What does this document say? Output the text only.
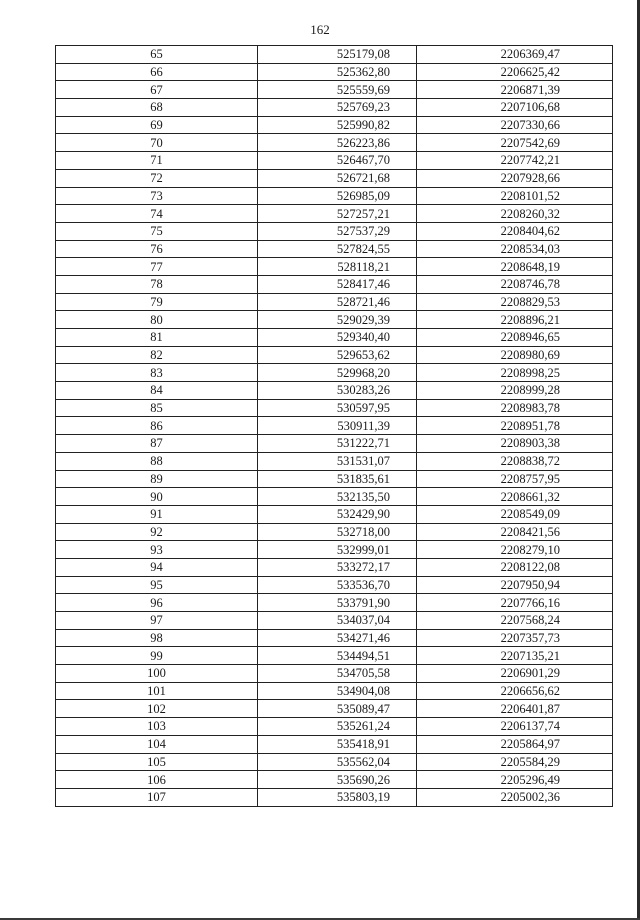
162
65	525179,08	2206369,47
66	525362,80	2206625,42
67	525559,69	2206871,39
68	525769,23	2207106,68
69	525990,82	2207330,66
70	526223,86	2207542,69
71	526467,70	2207742,21
72	526721,68	2207928,66
73	526985,09	2208101,52
74	527257,21	2208260,32
75	527537,29	2208404,62
76	527824,55	2208534,03
77	528118,21	2208648,19
78	528417,46	2208746,78
79	528721,46	2208829,53
80	529029,39	2208896,21
81	529340,40	2208946,65
82	529653,62	2208980,69
83	529968,20	2208998,25
84	530283,26	2208999,28
85	530597,95	2208983,78
86	530911,39	2208951,78
87	531222,71	2208903,38
88	531531,07	2208838,72
89	531835,61	2208757,95
90	532135,50	2208661,32
91	532429,90	2208549,09
92	532718,00	2208421,56
93	532999,01	2208279,10
94	533272,17	2208122,08
95	533536,70	2207950,94
96	533791,90	2207766,16
97	534037,04	2207568,24
98	534271,46	2207357,73
99	534494,51	2207135,21
100	534705,58	2206901,29
101	534904,08	2206656,62
102	535089,47	2206401,87
103	535261,24	2206137,74
104	535418,91	2205864,97
105	535562,04	2205584,29
106	535690,26	2205296,49
107	535803,19	2205002,36
